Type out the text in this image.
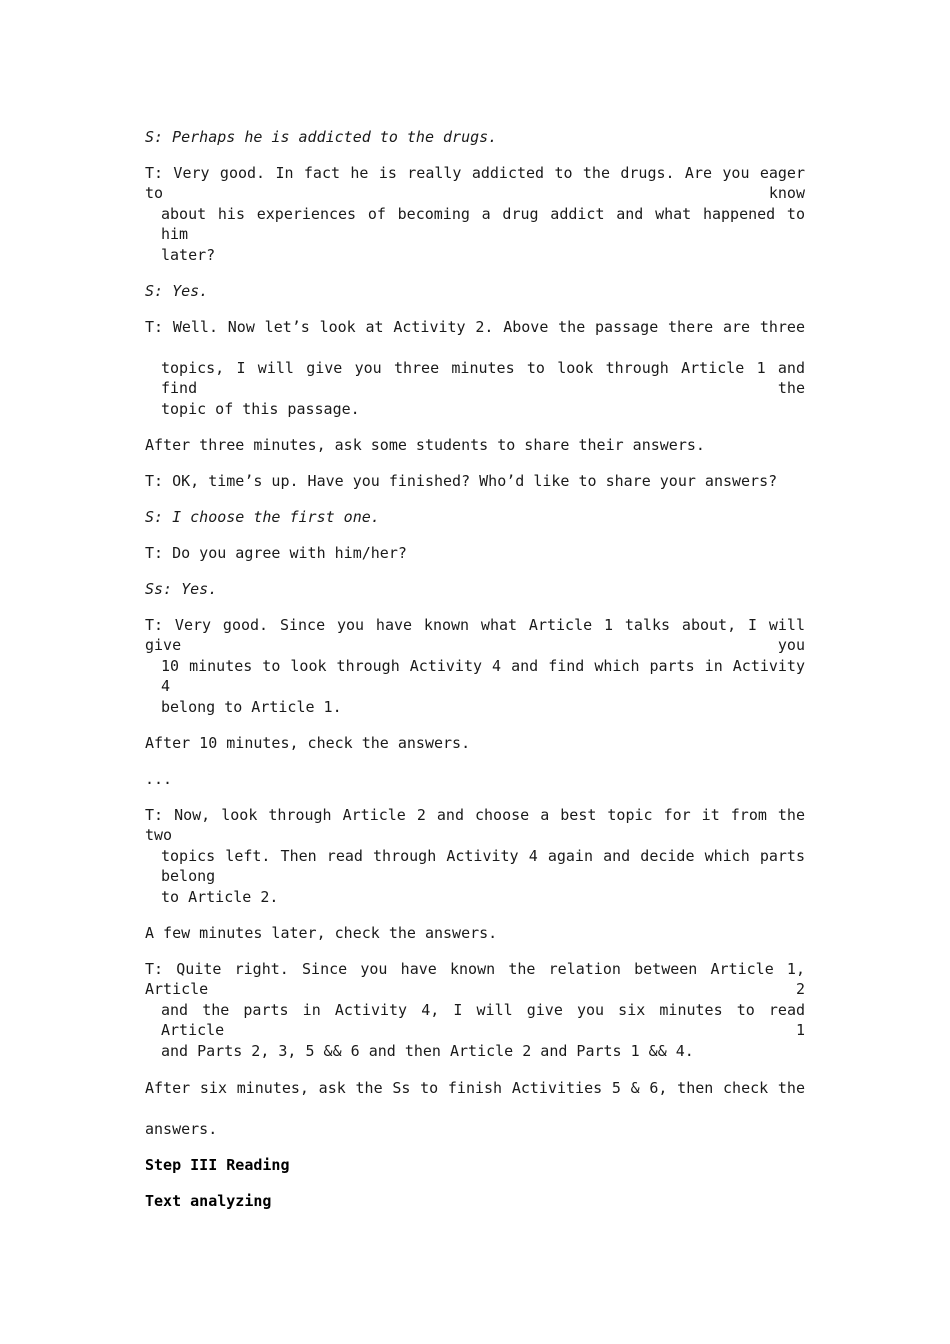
S: Perhaps he is addicted to the drugs.
T: Very good. In fact he is really addicted to the drugs. Are you eager to know
about his experiences of becoming a drug addict and what happened to him
later?
S: Yes.
T: Well. Now let’s look at Activity 2. Above the passage there are three
topics, I will give you three minutes to look through Article 1 and find the
topic of this passage.
After three minutes, ask some students to share their answers.
T: OK, time’s up. Have you finished? Who’d like to share your answers?
S: I choose the first one.
T: Do you agree with him/her?
Ss: Yes.
T: Very good. Since you have known what Article 1 talks about, I will give you
10 minutes to look through Activity 4 and find which parts in Activity 4
belong to Article 1.
After 10 minutes, check the answers.
...
T: Now, look through Article 2 and choose a best topic for it from the two
topics left. Then read through Activity 4 again and decide which parts belong
to Article 2.
A few minutes later, check the answers.
T: Quite right. Since you have known the relation between Article 1, Article 2
and the parts in Activity 4, I will give you six minutes to read Article 1
and Parts 2, 3, 5 && 6 and then Article 2 and Parts 1 && 4.
After six minutes, ask the Ss to finish Activities 5 & 6, then check the
answers.
Step III Reading
Text analyzing
